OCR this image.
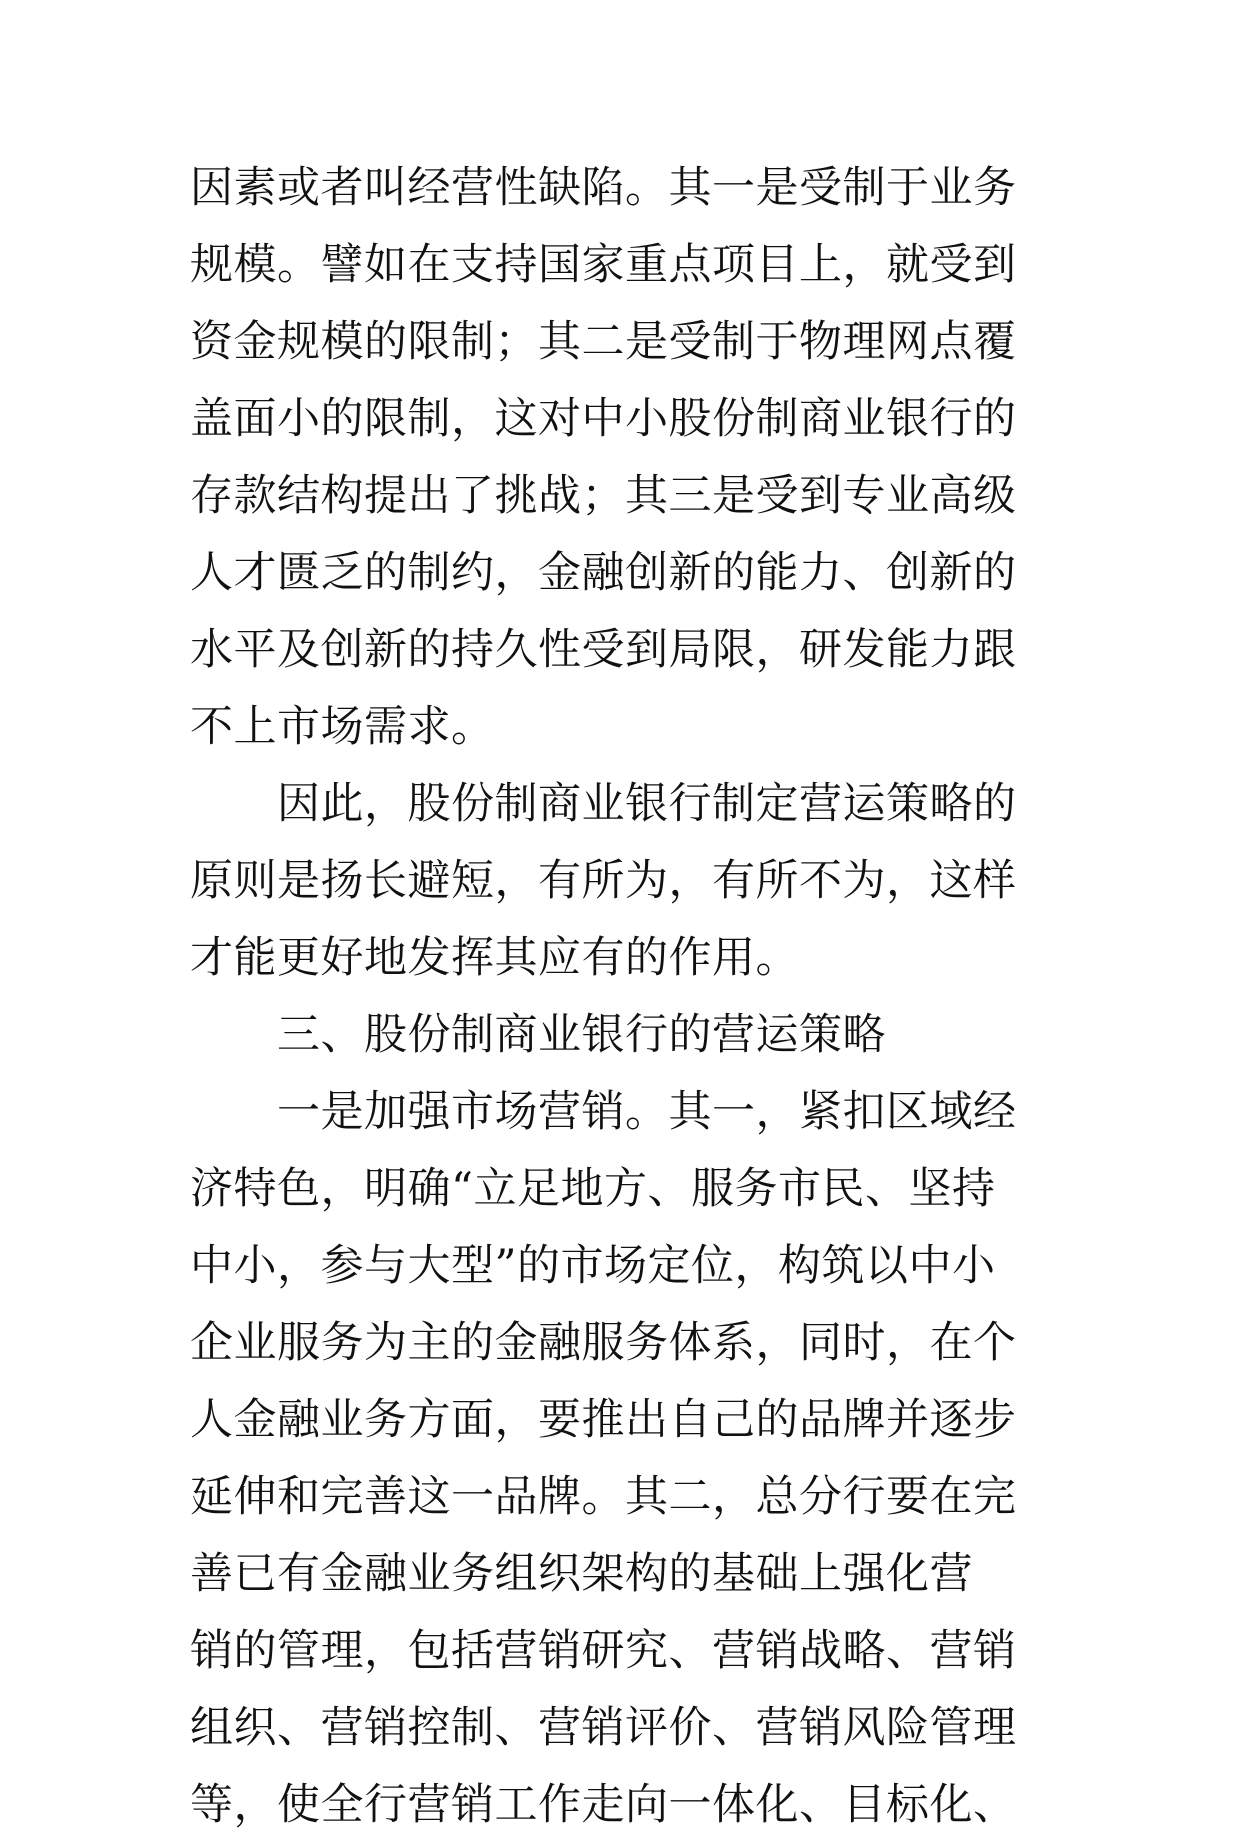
因素或者叫经营性缺陷。其一是受制于业务
规模。譬如在支持国家重点项目上，就受到
资金规模的限制；其二是受制于物理网点覆
盖面小的限制，这对中小股份制商业银行的
存款结构提出了挑战；其三是受到专业高级
人才匮乏的制约，金融创新的能力、创新的
水平及创新的持久性受到局限，研发能力跟
不上市场需求。
　　因此，股份制商业银行制定营运策略的
原则是扬长避短，有所为，有所不为，这样
才能更好地发挥其应有的作用。
　　三、股份制商业银行的营运策略
　　一是加强市场营销。其一，紧扣区域经
济特色，明确“立足地方、服务市民、坚持
中小，参与大型”的市场定位，构筑以中小
企业服务为主的金融服务体系，同时，在个
人金融业务方面，要推出自己的品牌并逐步
延伸和完善这一品牌。其二，总分行要在完
善已有金融业务组织架构的基础上强化营
销的管理，包括营销研究、营销战略、营销
组织、营销控制、营销评价、营销风险管理
等，使全行营销工作走向一体化、目标化、
